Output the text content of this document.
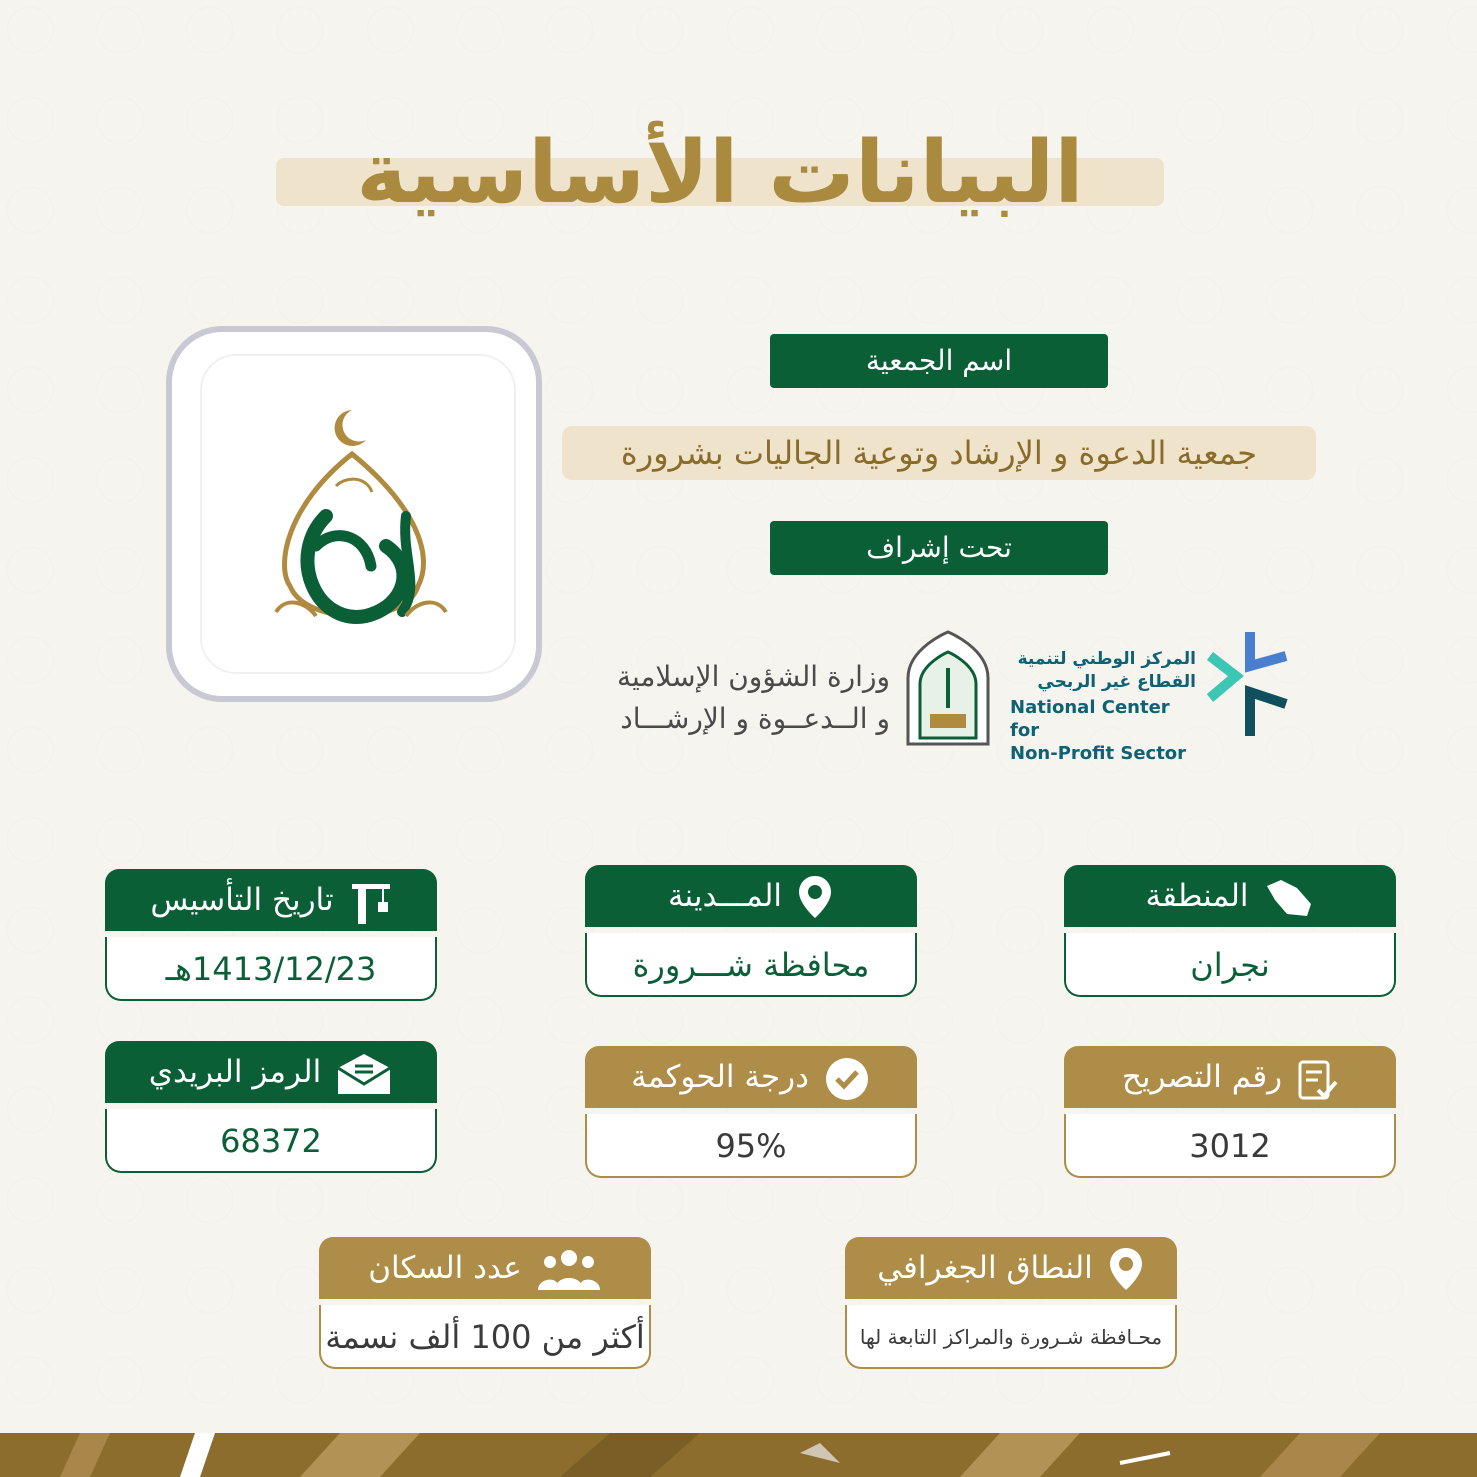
البيانات الأساسية
اسم الجمعية
جمعية الدعوة و الإرشاد وتوعية الجاليات بشرورة
تحت إشراف
وزارة الشؤون الإسلامية
و الــدعــوة و الإرشـــاد
المركز الوطني لتنمية
القطاع غير الربحي
National Center for
Non-Profit Sector
المنطقة
نجران
المـــدينة
محافظة شـــرورة
تاريخ التأسيس
1413/12/23هـ
رقم التصريح
3012
درجة الحوكمة
95%
الرمز البريدي
68372
النطاق الجغرافي
محـافظة شـرورة والمراكز التابعة لها
عدد السكان
أكثر من 100 ألف نسمة
